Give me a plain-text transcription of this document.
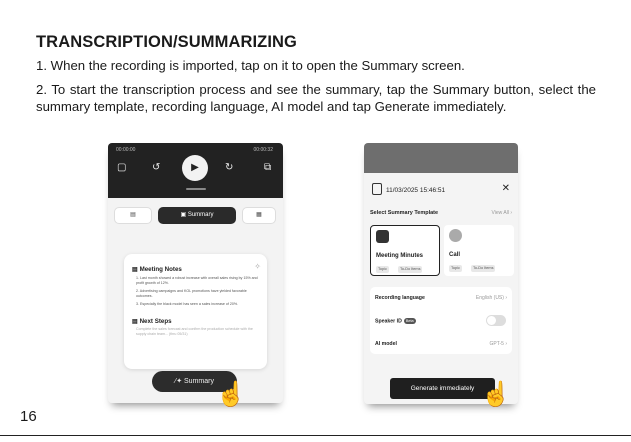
TRANSCRIPTION/SUMMARIZING

1. When the recording is imported, tap on it to open the Summary screen.

2. To start the transcription process and see the summary, tap the Summary button, select the summary template, recording language, AI model and tap Generate immediately.

00:00:00	00:00:32
▢	↺	▶	↻	⧉
▤	▣ Summary	▦
✧
▤ Meeting Notes
1. Last month showed a robust increase with overall sales rising by 15% and profit growth of 12%.
2. Advertising campaigns and KOL promotions have yielded favorable outcomes.
3. Especially the black model has seen a sales increase of 20%.
▤ Next Steps
Complete the sales forecast and confirm the production schedule with the supply chain team... (thru 05/31)
⁄✦ Summary ☝
11/03/2025 15:46:51	✕
Select Summary Template	View All ›
Meeting Minutes
Topic	To-Do Items
Call
Topic	To-Do Items
Recording language	English (US) ›
Speaker ID Beta
AI model	GPT-5 ›
Generate immediately ☝
16
